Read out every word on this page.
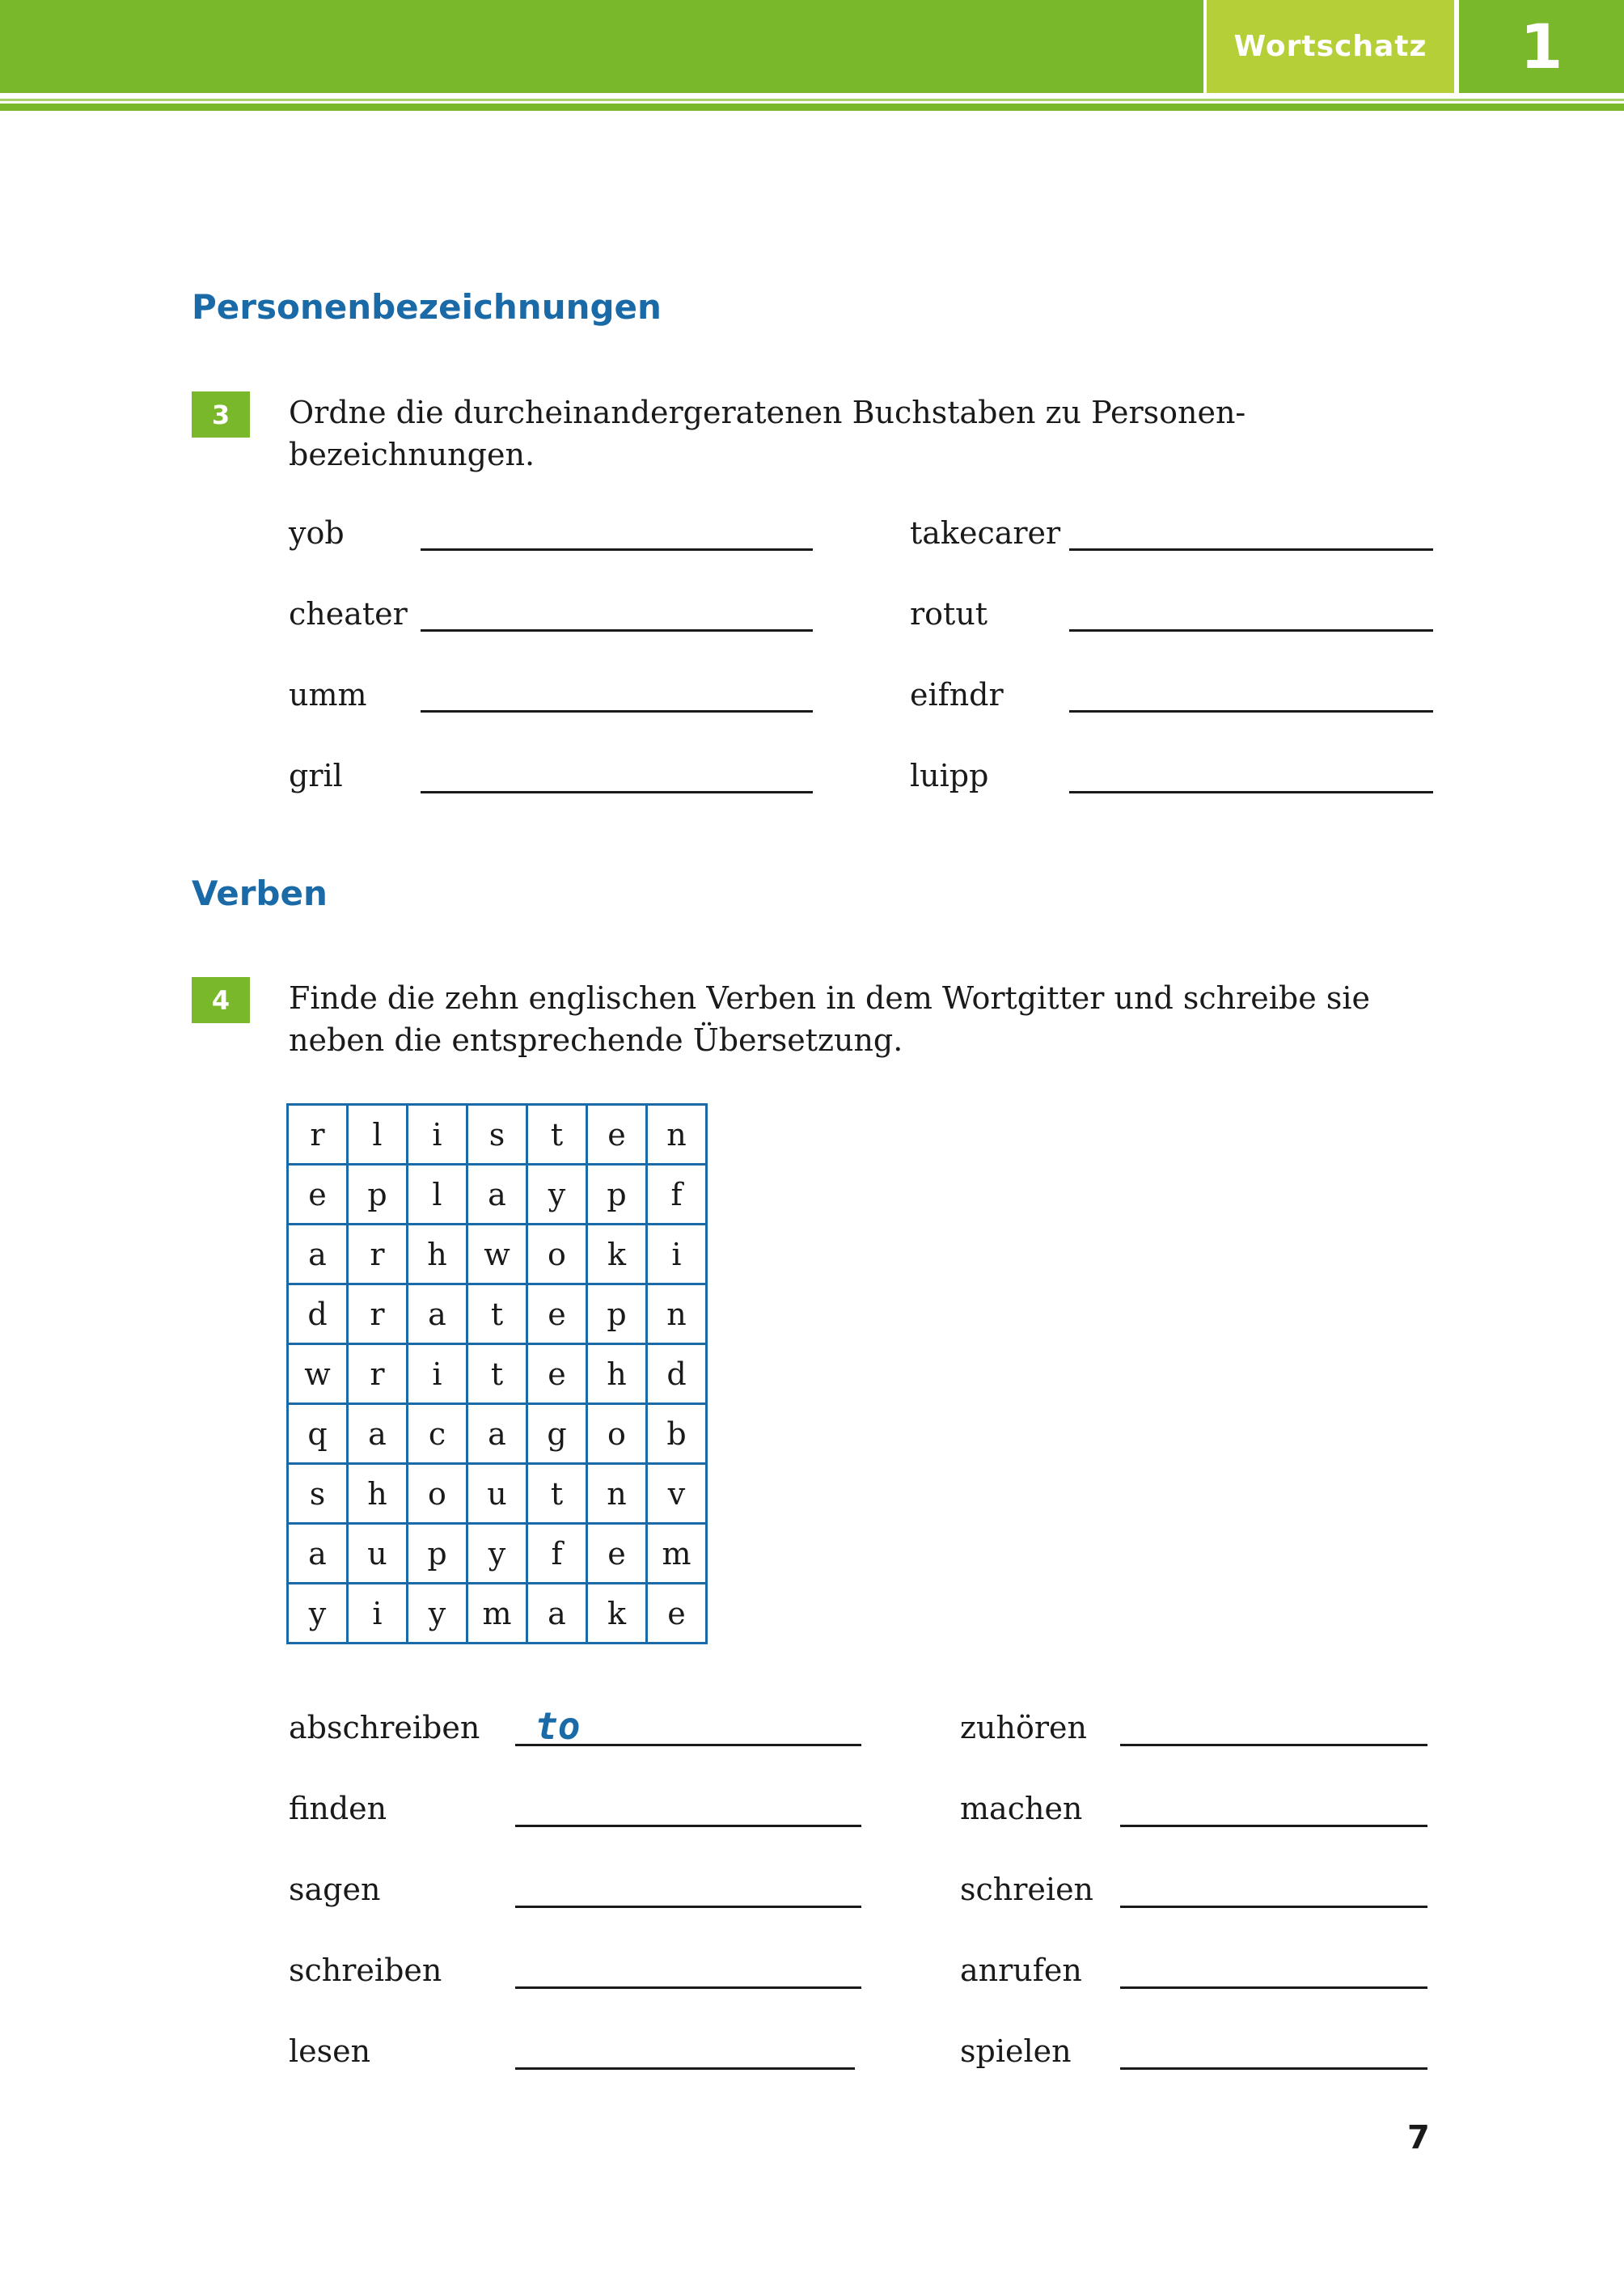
Wortschatz 1
Personenbezeichnungen
3	Ordne die durcheinandergeratenen Buchstaben zu Personen- bezeichnungen.

yob
cheater
umm
gril
takecarer
rotut
eifndr
luipp
Verben
4	Finde die zehn englischen Verben in dem Wortgitter und schreibe sie neben die entsprechende Übersetzung.

r	l	i	s	t	e	n
e	p	l	a	y	p	f
a	r	h	w	o	k	i
d	r	a	t	e	p	n
w	r	i	t	e	h	d
q	a	c	a	g	o	b
s	h	o	u	t	n	v
a	u	p	y	f	e	m
y	i	y	m	a	k	e
abschreiben to
finden
sagen
schreiben
lesen
zuhören
machen
schreien
anrufen
spielen
7
